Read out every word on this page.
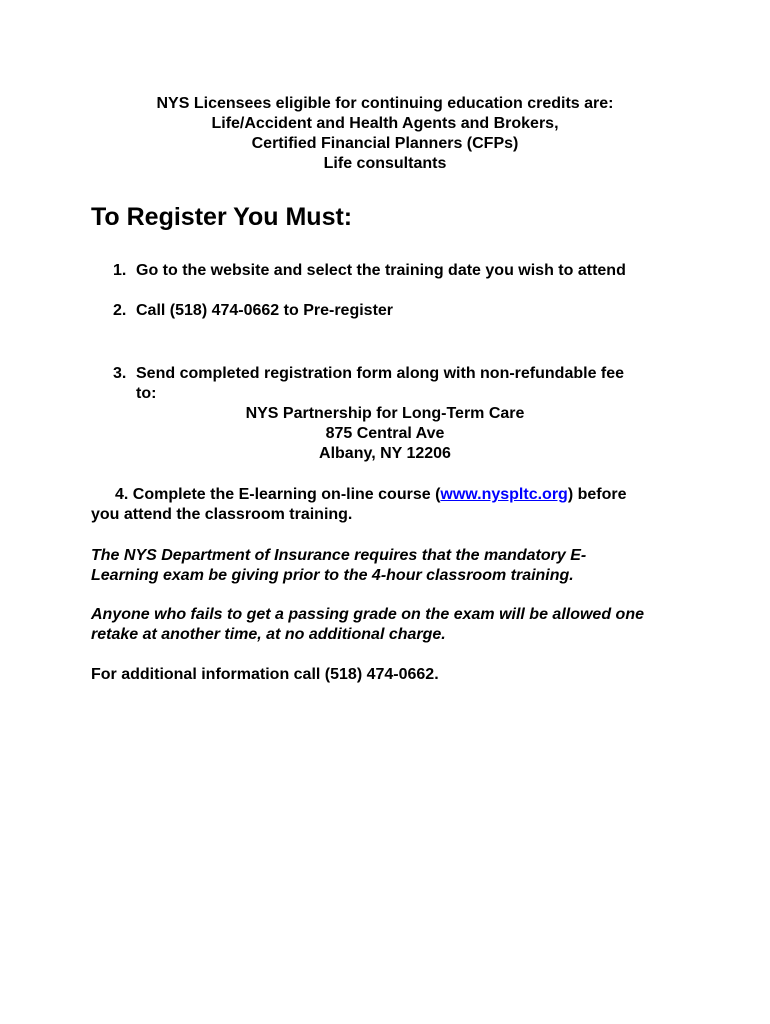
NYS Licensees eligible for continuing education credits are:
Life/Accident and Health Agents and Brokers,
Certified Financial Planners (CFPs)
Life consultants
To Register You Must:
1. Go to the website and select the training date you wish to attend
2. Call (518) 474-0662 to Pre-register
3. Send completed registration form along with non-refundable fee
to:
NYS Partnership for Long-Term Care
875 Central Ave
Albany, NY 12206
4. Complete the E-learning on-line course (www.nyspltc.org) before
you attend the classroom training.
The NYS Department of Insurance requires that the mandatory E-
Learning exam be giving prior to the 4-hour classroom training.
Anyone who fails to get a passing grade on the exam will be allowed one
retake at another time, at no additional charge.
For additional information call (518) 474-0662.
